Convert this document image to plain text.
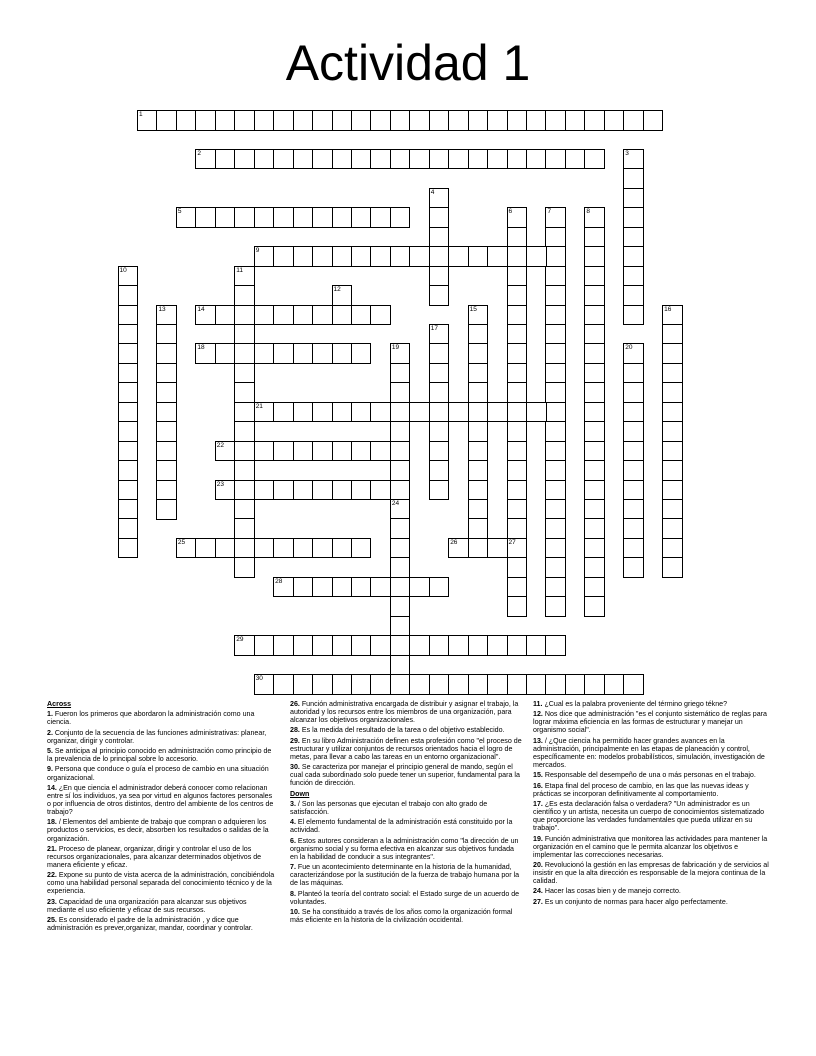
Actividad 1
1
2	3
4
5	6
27
7	8
9
10	11
12
13	14	15	16
17
18	19	20
21
22
23
24
25	26
28
29
30

Across

1. Fueron los primeros que abordaron la administración como una ciencia.

2. Conjunto de la secuencia de las funciones administrativas: planear, organizar, dirigir y controlar.

5. Se anticipa al principio conocido en administración como principio de la prevalencia de lo principal sobre lo accesorio.

9. Persona que conduce o guía el proceso de cambio en una situación organizacional.

14. ¿En que ciencia el administrador deberá conocer como relacionan entre sí los individuos, ya sea por virtud en algunos factores personales o por influencia de otros distintos, dentro del ambiente de los centros de trabajo?

18. / Elementos del ambiente de trabajo que compran o adquieren los productos o servicios, es decir, absorben los resultados o salidas de la organización.

21. Proceso de planear, organizar, dirigir y controlar el uso de los recursos organizacionales, para alcanzar determinados objetivos de manera eficiente y eficaz.

22. Expone su punto de vista acerca de la administración, concibiéndola como una habilidad personal separada del conocimiento técnico y de la experiencia.

23. Capacidad de una organización para alcanzar sus objetivos mediante el uso eficiente y eficaz de sus recursos.

25. Es considerado el padre de la administración , y dice que administración es prever,organizar, mandar, coordinar y controlar.

26. Función administrativa encargada de distribuir y asignar el trabajo, la autoridad y los recursos entre los miembros de una organización, para alcanzar los objetivos organizacionales.

28. Es la medida del resultado de la tarea o del objetivo establecido.

29. En su libro Administración definen esta profesión como "el proceso de estructurar y utilizar conjuntos de recursos orientados hacia el logro de metas, para llevar a cabo las tareas en un entorno organizacional".

30. Se caracteriza por manejar el principio general de mando, según el cual cada subordinado solo puede tener un superior, fundamental para la función de dirección.

Down

3. / Son las personas que ejecutan el trabajo con alto grado de satisfacción.

4. El elemento fundamental de la administración está constituido por la actividad.

6. Estos autores consideran a la administración como "la dirección de un organismo social y su forma efectiva en alcanzar sus objetivos fundada en la habilidad de conducir a sus integrantes".

7. Fue un acontecimiento determinante en la historia de la humanidad, caracterizándose por la sustitución de la fuerza de trabajo humana por la de las máquinas.

8. Planteó la teoría del contrato social: el Estado surge de un acuerdo de voluntades.

10. Se ha constituido a través de los años como la organización formal más eficiente en la historia de la civilización occidental.

11. ¿Cual es la palabra proveniente del término griego tékne?

12. Nos dice que administración "es el conjunto sistemático de reglas para lograr máxima eficiencia en las formas de estructurar y manejar un organismo social".

13. / ¿Que ciencia ha permitido hacer grandes avances en la administración, principalmente en las etapas de planeación y control, específicamente en: modelos probabilísticos, simulación, investigación de mercados.

15. Responsable del desempeño de una o más personas en el trabajo.

16. Etapa final del proceso de cambio, en las que las nuevas ideas y prácticas se incorporan definitivamente al comportamiento.

17. ¿Es esta declaración falsa o verdadera? "Un administrador es un científico y un artista, necesita un cuerpo de conocimientos sistematizado que proporcione las verdades fundamentales que pueda utilizar en su trabajo".

19. Función administrativa que monitorea las actividades para mantener la organización en el camino que le permita alcanzar los objetivos e implementar las correcciones necesarias.

20. Revolucionó la gestión en las empresas de fabricación y de servicios al insistir en que la alta dirección es responsable de la mejora continua de la calidad.

24. Hacer las cosas bien y de manejo correcto.

27. Es un conjunto de normas para hacer algo perfectamente.
